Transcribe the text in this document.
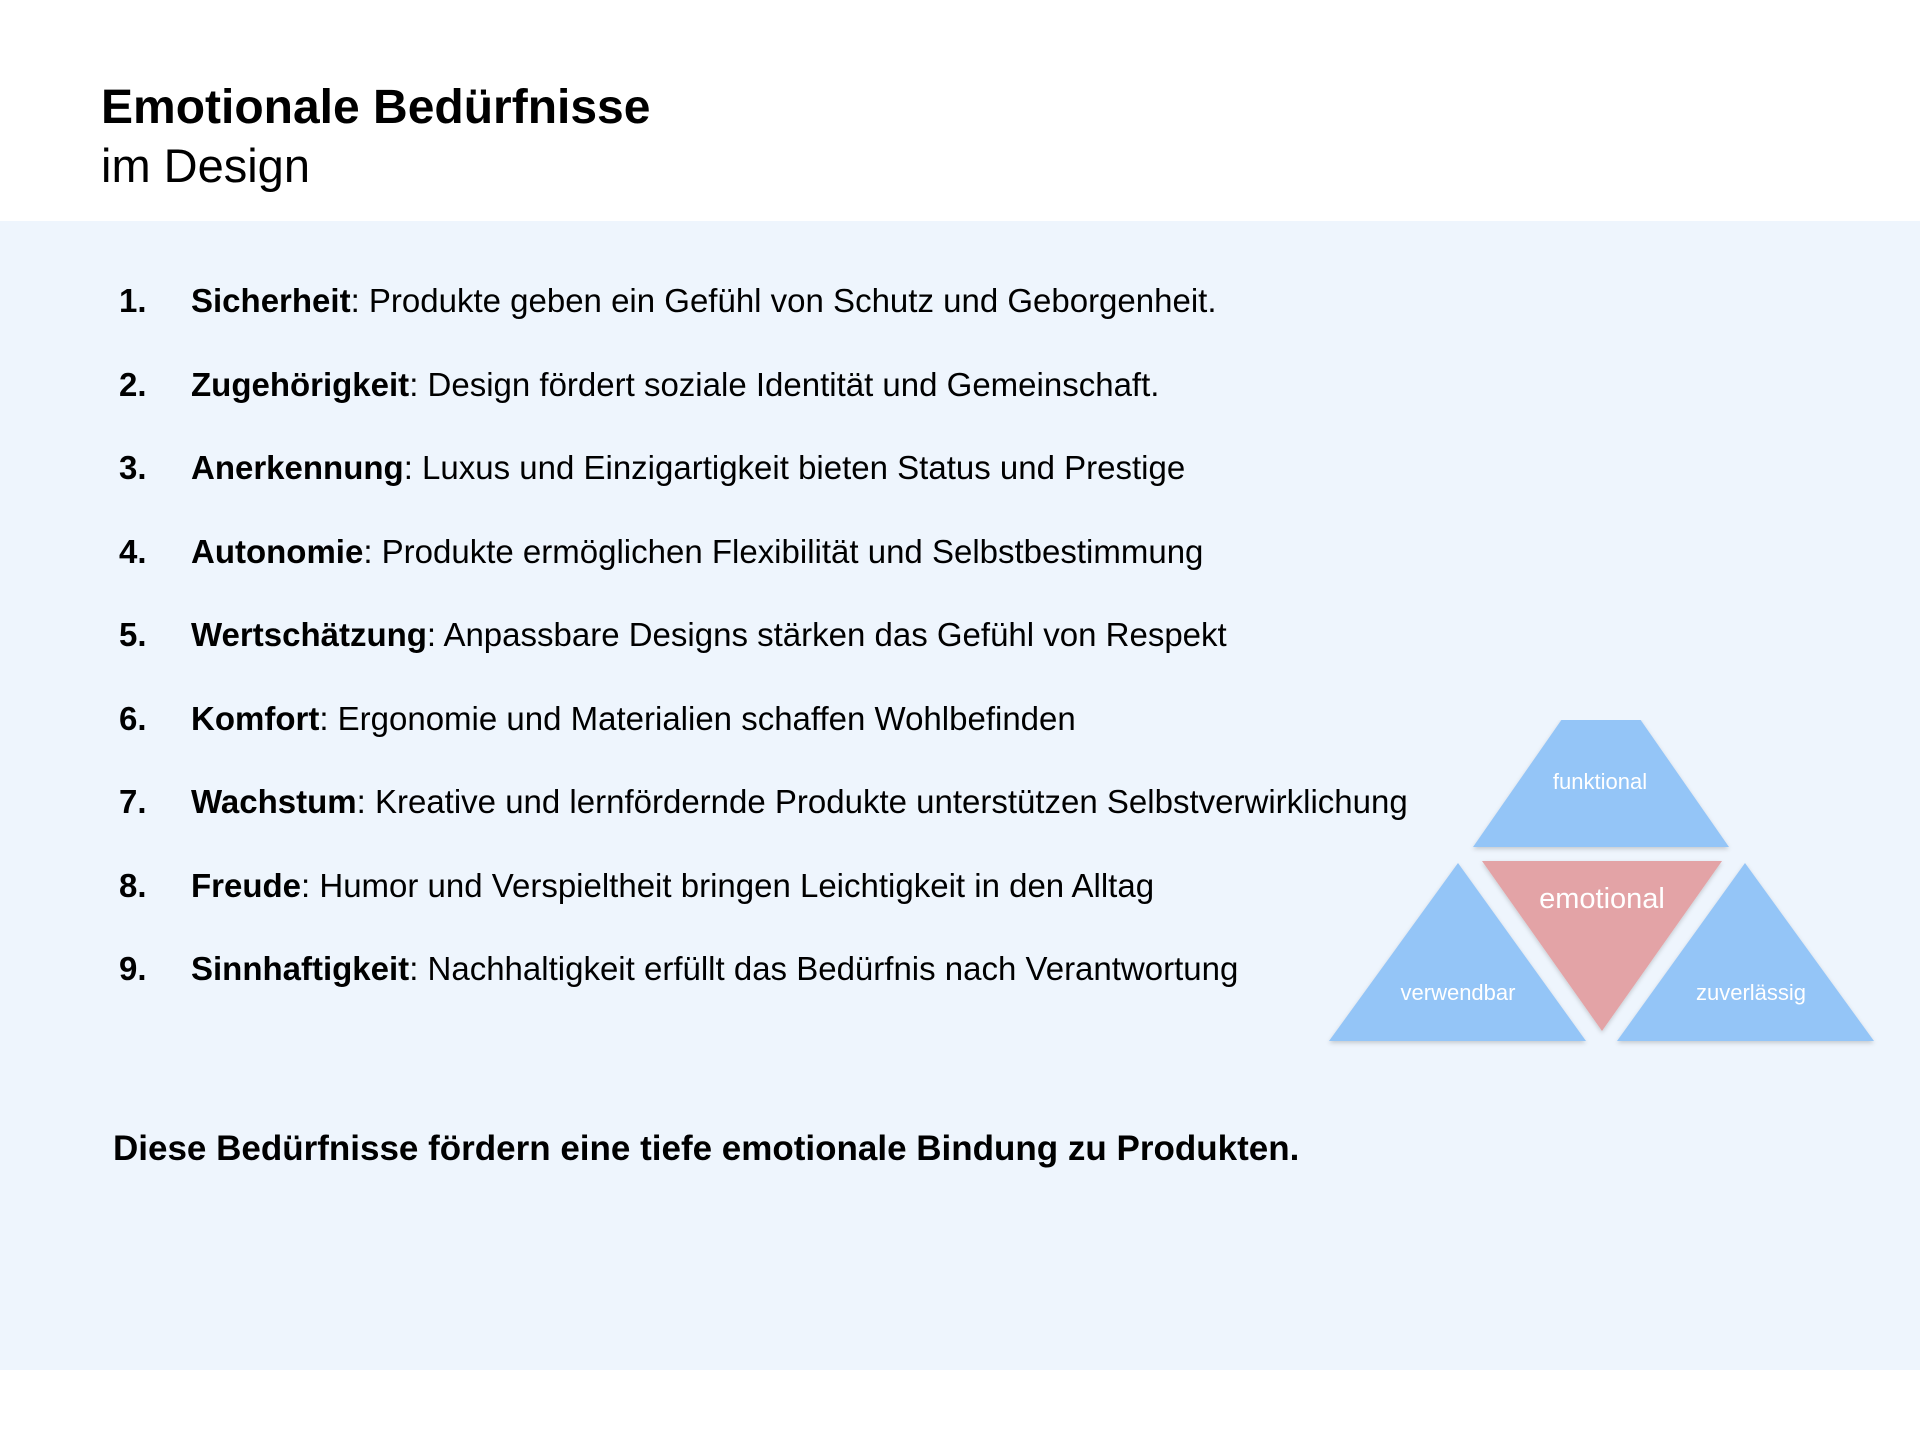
Emotionale Bedürfnisse
im Design
1. Sicherheit: Produkte geben ein Gefühl von Schutz und Geborgenheit.
2. Zugehörigkeit: Design fördert soziale Identität und Gemeinschaft.
3. Anerkennung: Luxus und Einzigartigkeit bieten Status und Prestige
4. Autonomie: Produkte ermöglichen Flexibilität und Selbstbestimmung
5. Wertschätzung: Anpassbare Designs stärken das Gefühl von Respekt
6. Komfort: Ergonomie und Materialien schaffen Wohlbefinden
7. Wachstum: Kreative und lernfördernde Produkte unterstützen Selbstverwirklichung
8. Freude: Humor und Verspieltheit bringen Leichtigkeit in den Alltag
9. Sinnhaftigkeit: Nachhaltigkeit erfüllt das Bedürfnis nach Verantwortung
Diese Bedürfnisse fördern eine tiefe emotionale Bindung zu Produkten.
funktional
emotional
verwendbar	zuverlässig
